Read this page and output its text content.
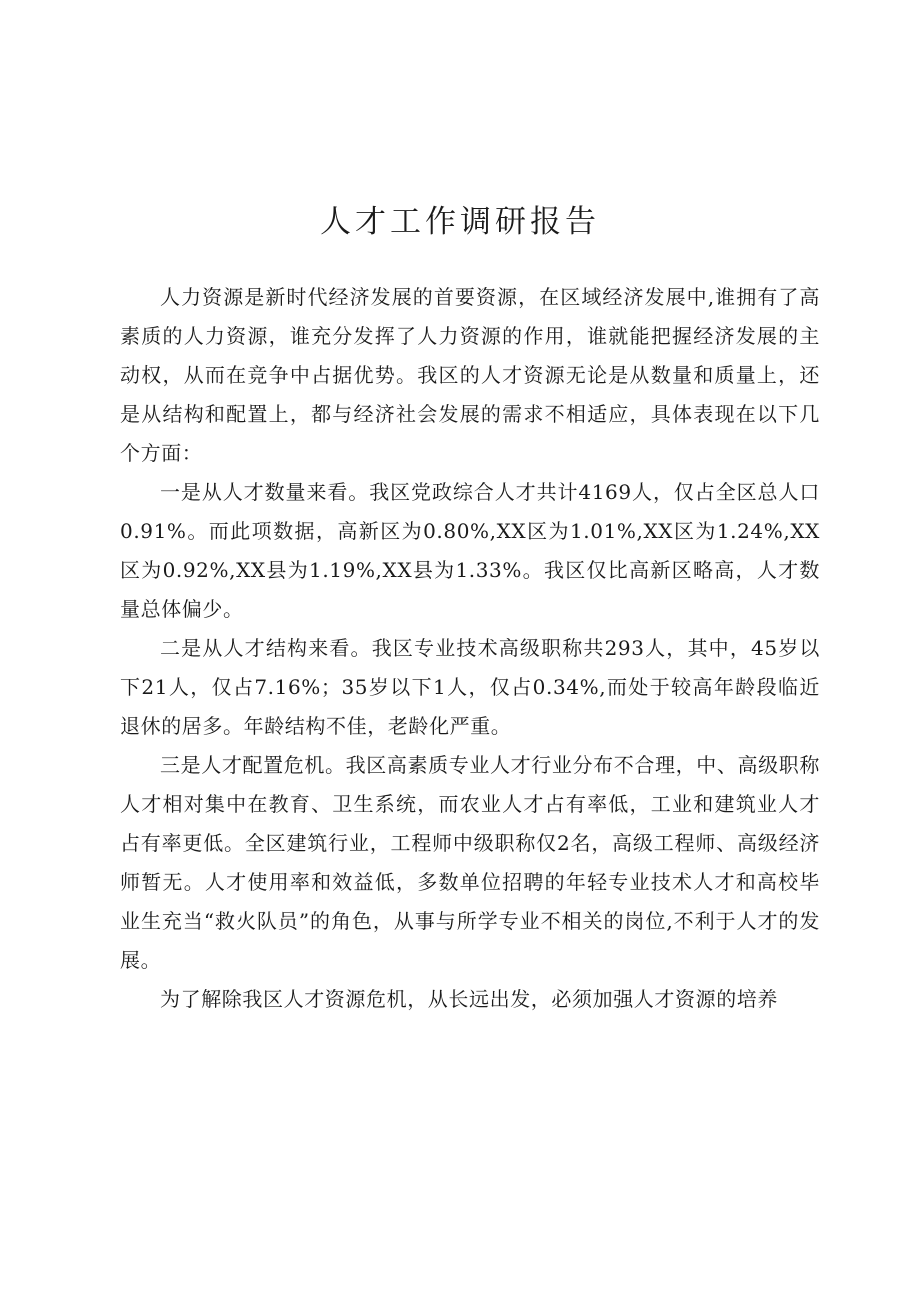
人才工作调研报告

人力资源是新时代经济发展的首要资源，在区域经济发展中,谁拥有了高素质的人力资源，谁充分发挥了人力资源的作用，谁就能把握经济发展的主动权，从而在竞争中占据优势。我区的人才资源无论是从数量和质量上，还是从结构和配置上，都与经济社会发展的需求不相适应，具体表现在以下几个方面：

一是从人才数量来看。我区党政综合人才共计4169人，仅占全区总人口0.91%。而此项数据，高新区为0.80%,XX区为1.01%,XX区为1.24%,XX区为0.92%,XX县为1.19%,XX县为1.33%。我区仅比高新区略高，人才数量总体偏少。

二是从人才结构来看。我区专业技术高级职称共293人，其中，45岁以下21人，仅占7.16%；35岁以下1人，仅占0.34%,而处于较高年龄段临近退休的居多。年龄结构不佳，老龄化严重。

三是人才配置危机。我区高素质专业人才行业分布不合理，中、高级职称人才相对集中在教育、卫生系统，而农业人才占有率低，工业和建筑业人才占有率更低。全区建筑行业，工程师中级职称仅2名，高级工程师、高级经济师暂无。人才使用率和效益低，多数单位招聘的年轻专业技术人才和高校毕业生充当“救火队员”的角色，从事与所学专业不相关的岗位,不利于人才的发展。

为了解除我区人才资源危机，从长远出发，必须加强人才资源的培养
